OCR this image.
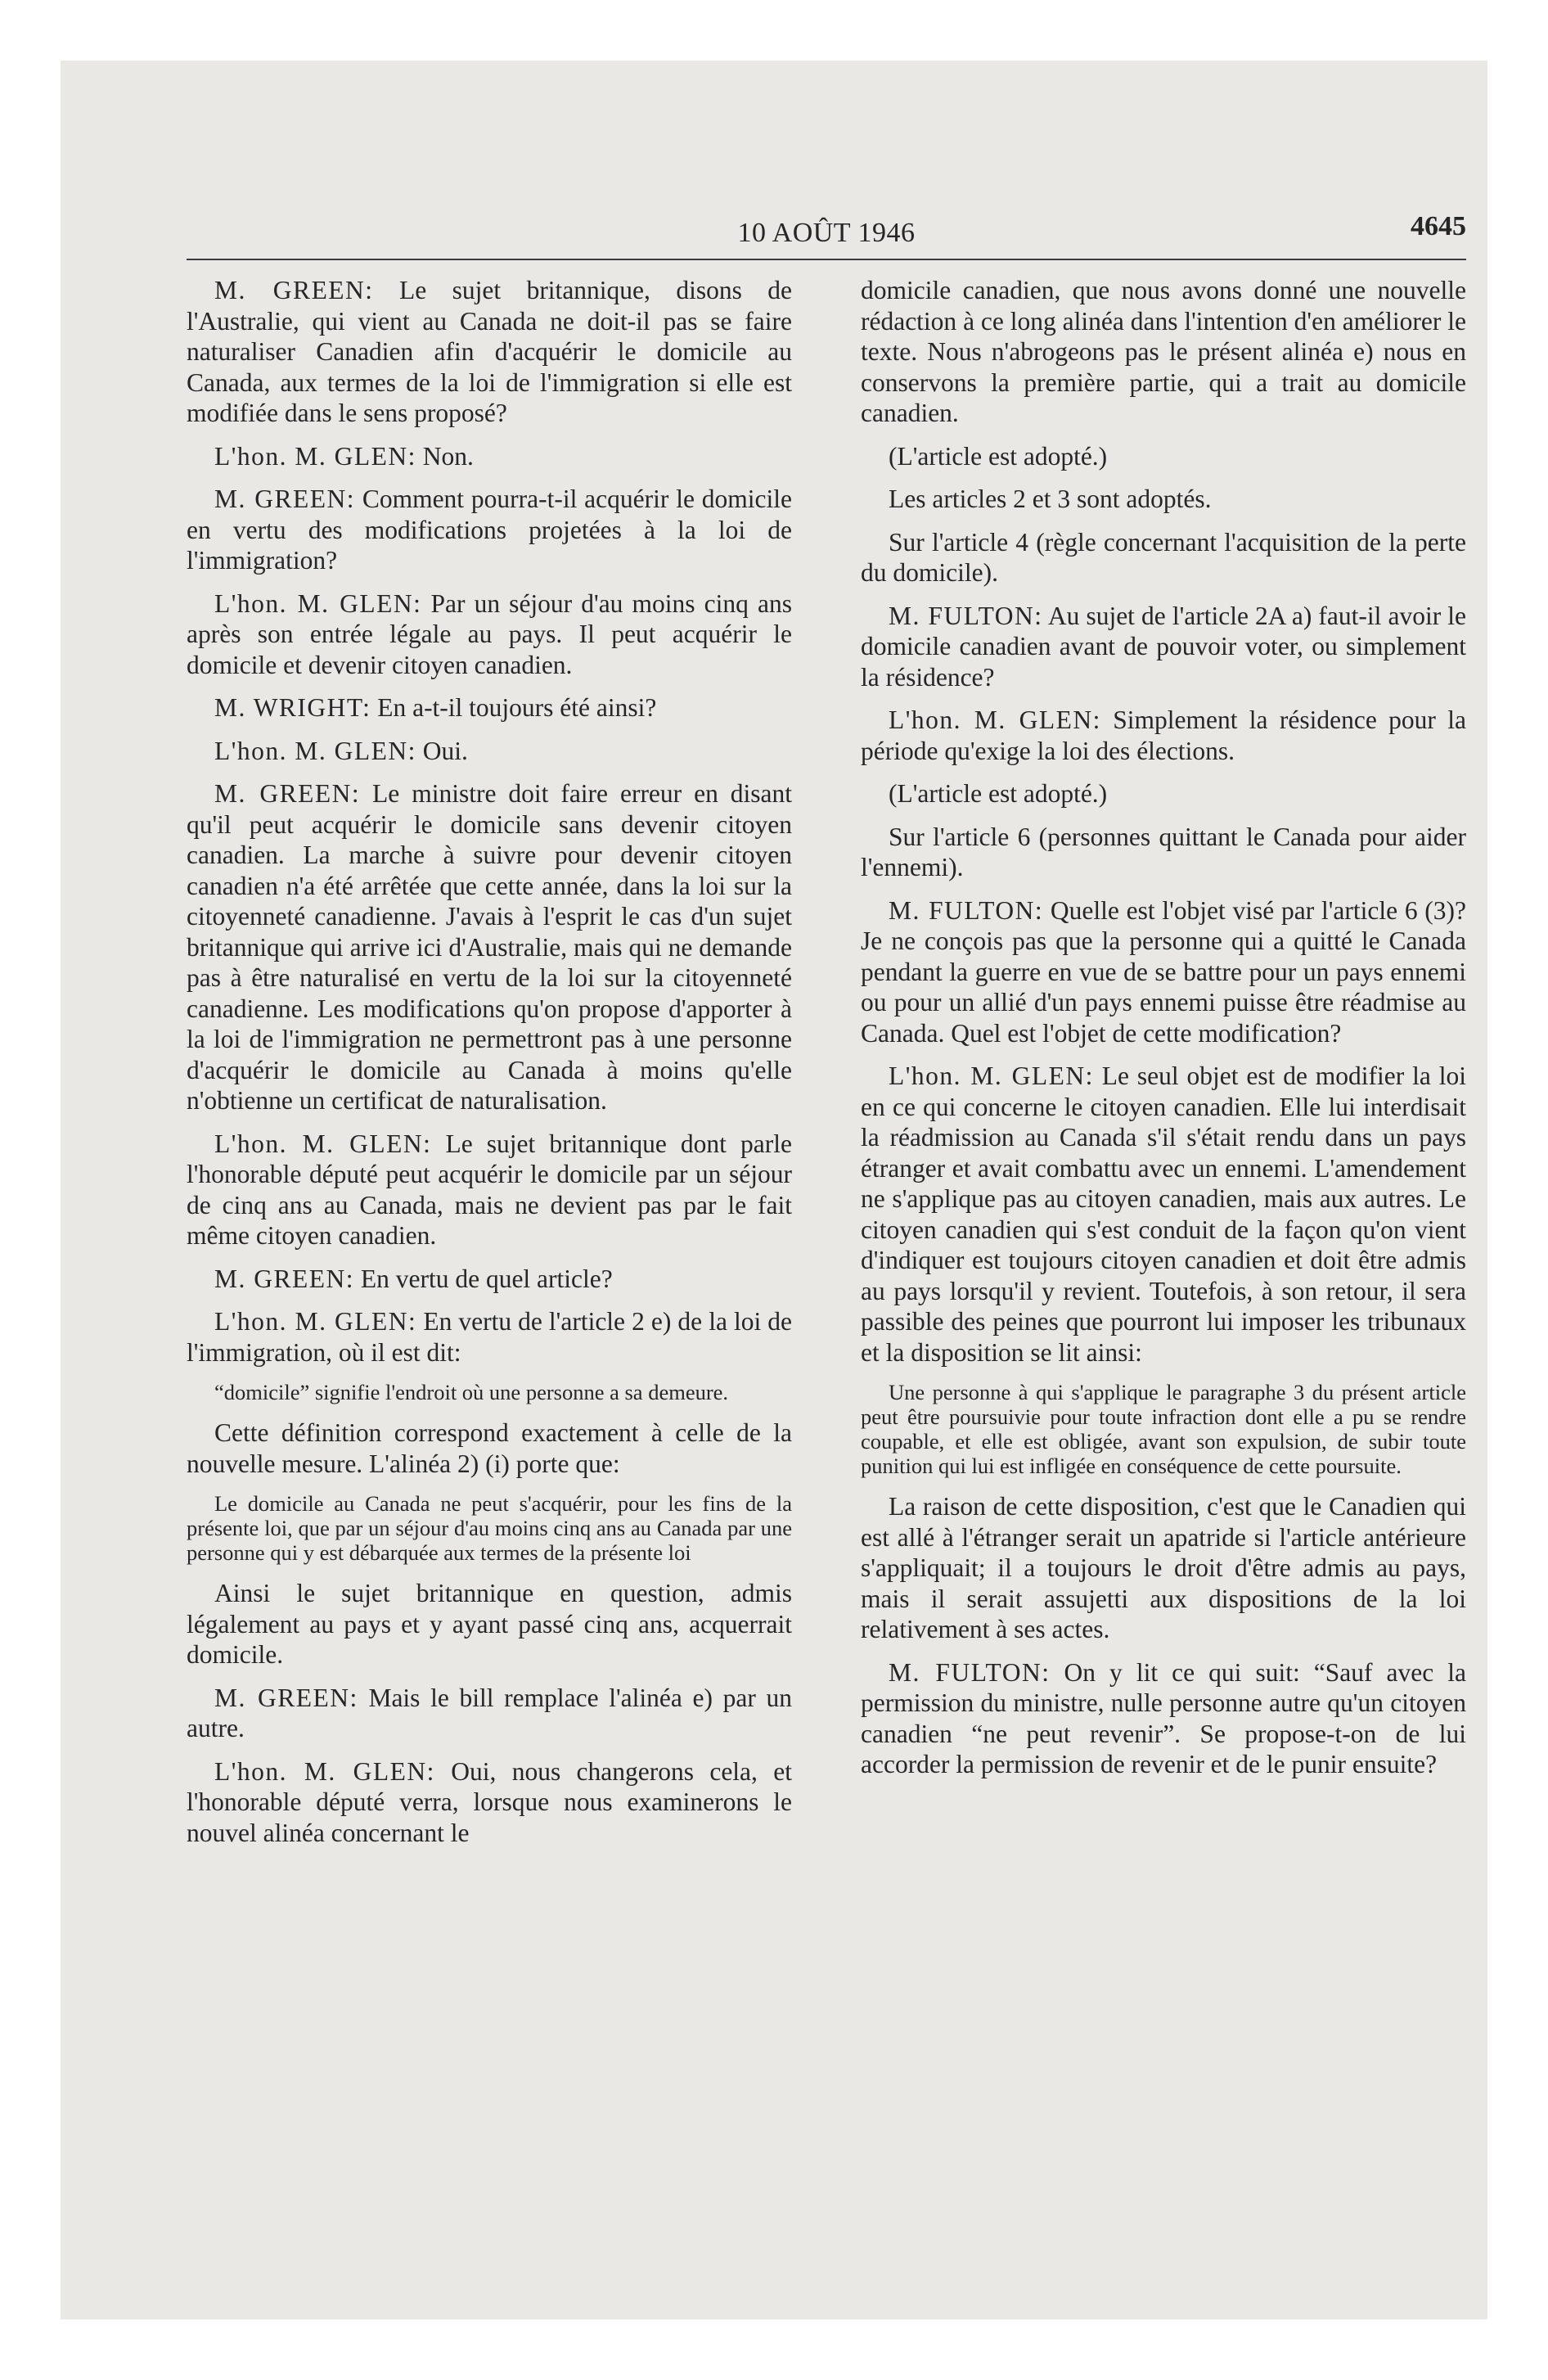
10 AOÛT 1946	4645

M. GREEN: Le sujet britannique, disons de l'Australie, qui vient au Canada ne doit-il pas se faire naturaliser Canadien afin d'acquérir le domicile au Canada, aux termes de la loi de l'immigration si elle est modifiée dans le sens proposé?

L'hon. M. GLEN: Non.

M. GREEN: Comment pourra-t-il acquérir le domicile en vertu des modifications projetées à la loi de l'immigration?

L'hon. M. GLEN: Par un séjour d'au moins cinq ans après son entrée légale au pays. Il peut acquérir le domicile et devenir citoyen canadien.

M. WRIGHT: En a-t-il toujours été ainsi?

L'hon. M. GLEN: Oui.

M. GREEN: Le ministre doit faire erreur en disant qu'il peut acquérir le domicile sans devenir citoyen canadien. La marche à suivre pour devenir citoyen canadien n'a été arrêtée que cette année, dans la loi sur la citoyenneté canadienne. J'avais à l'esprit le cas d'un sujet britannique qui arrive ici d'Australie, mais qui ne demande pas à être naturalisé en vertu de la loi sur la citoyenneté canadienne. Les modifications qu'on propose d'apporter à la loi de l'immigration ne permettront pas à une personne d'acquérir le domicile au Canada à moins qu'elle n'obtienne un certificat de naturalisation.

L'hon. M. GLEN: Le sujet britannique dont parle l'honorable député peut acquérir le domicile par un séjour de cinq ans au Canada, mais ne devient pas par le fait même citoyen canadien.

M. GREEN: En vertu de quel article?

L'hon. M. GLEN: En vertu de l'article 2 e) de la loi de l'immigration, où il est dit:

“domicile” signifie l'endroit où une personne a sa demeure.

Cette définition correspond exactement à celle de la nouvelle mesure. L'alinéa 2) (i) porte que:

Le domicile au Canada ne peut s'acquérir, pour les fins de la présente loi, que par un séjour d'au moins cinq ans au Canada par une personne qui y est débarquée aux termes de la présente loi

Ainsi le sujet britannique en question, admis légalement au pays et y ayant passé cinq ans, acquerrait domicile.

M. GREEN: Mais le bill remplace l'alinéa e) par un autre.

L'hon. M. GLEN: Oui, nous changerons cela, et l'honorable député verra, lorsque nous examinerons le nouvel alinéa concernant le

domicile canadien, que nous avons donné une nouvelle rédaction à ce long alinéa dans l'intention d'en améliorer le texte. Nous n'abrogeons pas le présent alinéa e) nous en conservons la première partie, qui a trait au domicile canadien.

(L'article est adopté.)

Les articles 2 et 3 sont adoptés.

Sur l'article 4 (règle concernant l'acquisition de la perte du domicile).

M. FULTON: Au sujet de l'article 2A a) faut-il avoir le domicile canadien avant de pouvoir voter, ou simplement la résidence?

L'hon. M. GLEN: Simplement la résidence pour la période qu'exige la loi des élections.

(L'article est adopté.)

Sur l'article 6 (personnes quittant le Canada pour aider l'ennemi).

M. FULTON: Quelle est l'objet visé par l'article 6 (3)? Je ne conçois pas que la personne qui a quitté le Canada pendant la guerre en vue de se battre pour un pays ennemi ou pour un allié d'un pays ennemi puisse être réadmise au Canada. Quel est l'objet de cette modification?

L'hon. M. GLEN: Le seul objet est de modifier la loi en ce qui concerne le citoyen canadien. Elle lui interdisait la réadmission au Canada s'il s'était rendu dans un pays étranger et avait combattu avec un ennemi. L'amendement ne s'applique pas au citoyen canadien, mais aux autres. Le citoyen canadien qui s'est conduit de la façon qu'on vient d'indiquer est toujours citoyen canadien et doit être admis au pays lorsqu'il y revient. Toutefois, à son retour, il sera passible des peines que pourront lui imposer les tribunaux et la disposition se lit ainsi:

Une personne à qui s'applique le paragraphe 3 du présent article peut être poursuivie pour toute infraction dont elle a pu se rendre coupable, et elle est obligée, avant son expulsion, de subir toute punition qui lui est infligée en conséquence de cette poursuite.

La raison de cette disposition, c'est que le Canadien qui est allé à l'étranger serait un apatride si l'article antérieure s'appliquait; il a toujours le droit d'être admis au pays, mais il serait assujetti aux dispositions de la loi relativement à ses actes.

M. FULTON: On y lit ce qui suit: “Sauf avec la permission du ministre, nulle personne autre qu'un citoyen canadien “ne peut revenir”. Se propose-t-on de lui accorder la permission de revenir et de le punir ensuite?
